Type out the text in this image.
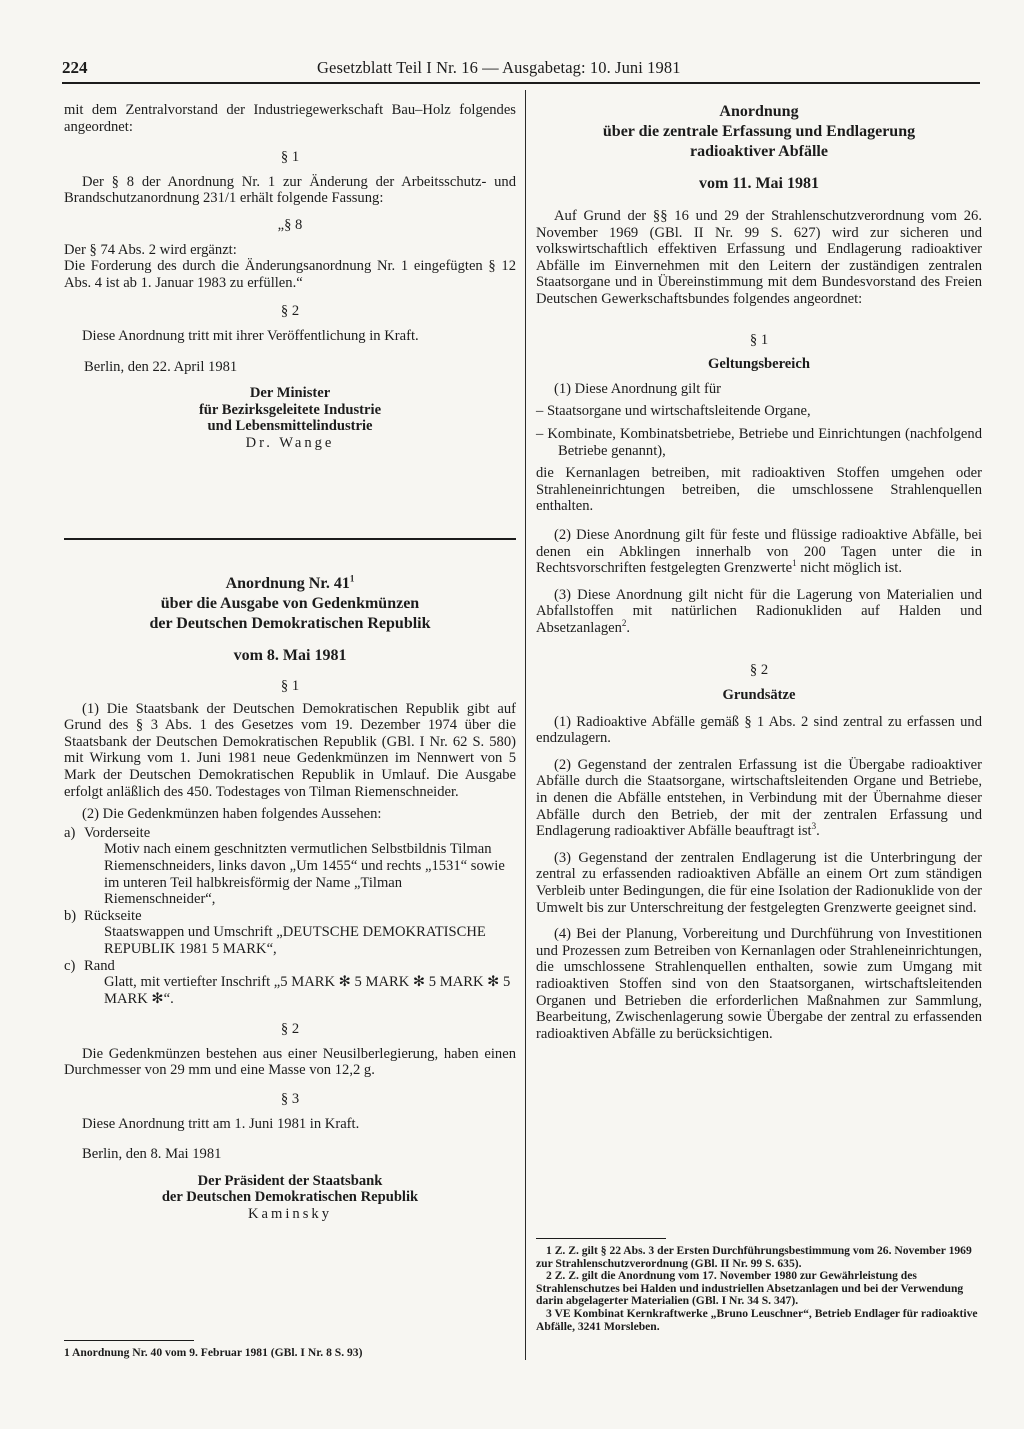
224	Gesetzblatt Teil I Nr. 16 — Ausgabetag: 10. Juni 1981

mit dem Zentralvorstand der Industriegewerkschaft Bau–Holz folgendes angeordnet:

§ 1

Der § 8 der Anordnung Nr. 1 zur Änderung der Arbeitsschutz- und Brandschutzanordnung 231/1 erhält folgende Fassung:

„§ 8

Der § 74 Abs. 2 wird ergänzt:

Die Forderung des durch die Änderungsanordnung Nr. 1 eingefügten § 12 Abs. 4 ist ab 1. Januar 1983 zu erfüllen.“

§ 2

Diese Anordnung tritt mit ihrer Veröffentlichung in Kraft.

Berlin, den 22. April 1981

Der Minister

für Bezirksgeleitete Industrie

und Lebensmittelindustrie

Dr. Wange

Anordnung Nr. $41^1$

über die Ausgabe von Gedenkmünzen

der Deutschen Demokratischen Republik

vom 8. Mai 1981

§ 1

(1) Die Staatsbank der Deutschen Demokratischen Republik gibt auf Grund des § 3 Abs. 1 des Gesetzes vom 19. Dezember 1974 über die Staatsbank der Deutschen Demokratischen Republik (GBl. I Nr. 62 S. 580) mit Wirkung vom 1. Juni 1981 neue Gedenkmünzen im Nennwert von 5 Mark der Deutschen Demokratischen Republik in Umlauf. Die Ausgabe erfolgt anläßlich des 450. Todestages von Tilman Riemenschneider.

(2) Die Gedenkmünzen haben folgendes Aussehen:

a) Vorderseite

Motiv nach einem geschnitzten vermutlichen Selbstbildnis Tilman Riemenschneiders, links davon „Um 1455“ und rechts „1531“ sowie im unteren Teil halbkreisförmig der Name „Tilman Riemenschneider“,

b) Rückseite

Staatswappen und Umschrift „DEUTSCHE DEMOKRATISCHE REPUBLIK 1981 5 MARK“,

c) Rand

Glatt, mit vertiefter Inschrift „5 MARK ✻ 5 MARK ✻ 5 MARK ✻ 5 MARK ✻“.

§ 2

Die Gedenkmünzen bestehen aus einer Neusilberlegierung, haben einen Durchmesser von 29 mm und eine Masse von 12,2 g.

§ 3

Diese Anordnung tritt am 1. Juni 1981 in Kraft.

Berlin, den 8. Mai 1981

Der Präsident der Staatsbank

der Deutschen Demokratischen Republik

Kaminsky

1 Anordnung Nr. 40 vom 9. Februar 1981 (GBl. I Nr. 8 S. 93)

Anordnung

über die zentrale Erfassung und Endlagerung

radioaktiver Abfälle

vom 11. Mai 1981

Auf Grund der §§ 16 und 29 der Strahlenschutzverordnung vom 26. November 1969 (GBl. II Nr. 99 S. 627) wird zur sicheren und volkswirtschaftlich effektiven Erfassung und Endlagerung radioaktiver Abfälle im Einvernehmen mit den Leitern der zuständigen zentralen Staatsorgane und in Übereinstimmung mit dem Bundesvorstand des Freien Deutschen Gewerkschaftsbundes folgendes angeordnet:

§ 1

Geltungsbereich

(1) Diese Anordnung gilt für

– Staatsorgane und wirtschaftsleitende Organe,

– Kombinate, Kombinatsbetriebe, Betriebe und Einrichtungen (nachfolgend Betriebe genannt),

die Kernanlagen betreiben, mit radioaktiven Stoffen umgehen oder Strahleneinrichtungen betreiben, die umschlossene Strahlenquellen enthalten.

(2) Diese Anordnung gilt für feste und flüssige radioaktive Abfälle, bei denen ein Abklingen innerhalb von 200 Tagen unter die in Rechtsvorschriften festgelegten Grenzwerte$^1$ nicht möglich ist.

(3) Diese Anordnung gilt nicht für die Lagerung von Materialien und Abfallstoffen mit natürlichen Radionukliden auf Halden und Absetzanlagen$^2$.

§ 2

Grundsätze

(1) Radioaktive Abfälle gemäß § 1 Abs. 2 sind zentral zu erfassen und endzulagern.

(2) Gegenstand der zentralen Erfassung ist die Übergabe radioaktiver Abfälle durch die Staatsorgane, wirtschaftsleitenden Organe und Betriebe, in denen die Abfälle entstehen, in Verbindung mit der Übernahme dieser Abfälle durch den Betrieb, der mit der zentralen Erfassung und Endlagerung radioaktiver Abfälle beauftragt ist$^3$.

(3) Gegenstand der zentralen Endlagerung ist die Unterbringung der zentral zu erfassenden radioaktiven Abfälle an einem Ort zum ständigen Verbleib unter Bedingungen, die für eine Isolation der Radionuklide von der Umwelt bis zur Unterschreitung der festgelegten Grenzwerte geeignet sind.

(4) Bei der Planung, Vorbereitung und Durchführung von Investitionen und Prozessen zum Betreiben von Kernanlagen oder Strahleneinrichtungen, die umschlossene Strahlenquellen enthalten, sowie zum Umgang mit radioaktiven Stoffen sind von den Staatsorganen, wirtschaftsleitenden Organen und Betrieben die erforderlichen Maßnahmen zur Sammlung, Bearbeitung, Zwischenlagerung sowie Übergabe der zentral zu erfassenden radioaktiven Abfälle zu berücksichtigen.

1 Z. Z. gilt § 22 Abs. 3 der Ersten Durchführungsbestimmung vom 26. November 1969 zur Strahlenschutzverordnung (GBl. II Nr. 99 S. 635).

2 Z. Z. gilt die Anordnung vom 17. November 1980 zur Gewährleistung des Strahlenschutzes bei Halden und industriellen Absetzanlagen und bei der Verwendung darin abgelagerter Materialien (GBl. I Nr. 34 S. 347).

3 VE Kombinat Kernkraftwerke „Bruno Leuschner“, Betrieb Endlager für radioaktive Abfälle, 3241 Morsleben.
